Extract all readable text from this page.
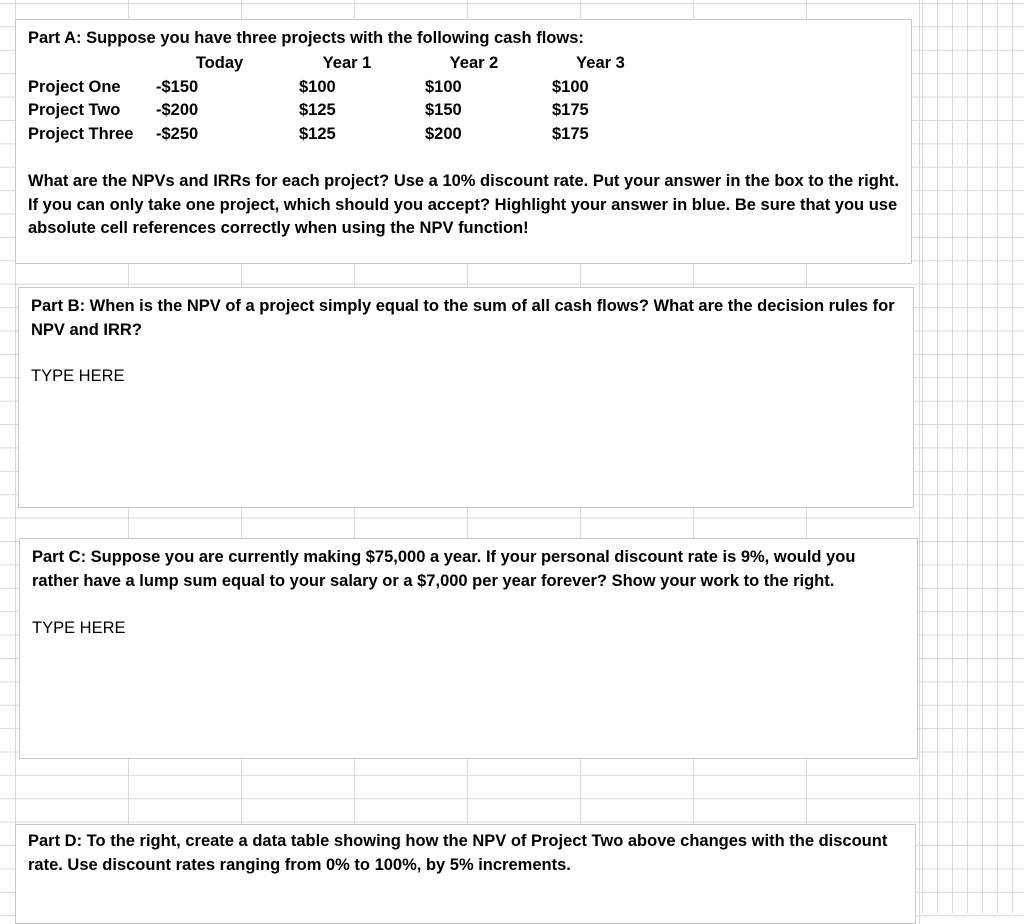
Part A: Suppose you have three projects with the following cash flows:
	Today	Year 1	Year 2	Year 3
Project One	-$150	$100	$100	$100
Project Two	-$200	$125	$150	$175
Project Three	-$250	$125	$200	$175
What are the NPVs and IRRs for each project? Use a 10% discount rate. Put your answer in the box to the right. If you can only take one project, which should you accept? Highlight your answer in blue. Be sure that you use absolute cell references correctly when using the NPV function!
Part B: When is the NPV of a project simply equal to the sum of all cash flows? What are the decision rules for NPV and IRR?
TYPE HERE
Part C: Suppose you are currently making $75,000 a year. If your personal discount rate is 9%, would you rather have a lump sum equal to your salary or a $7,000 per year forever? Show your work to the right.
TYPE HERE
Part D: To the right, create a data table showing how the NPV of Project Two above changes with the discount rate. Use discount rates ranging from 0% to 100%, by 5% increments.
